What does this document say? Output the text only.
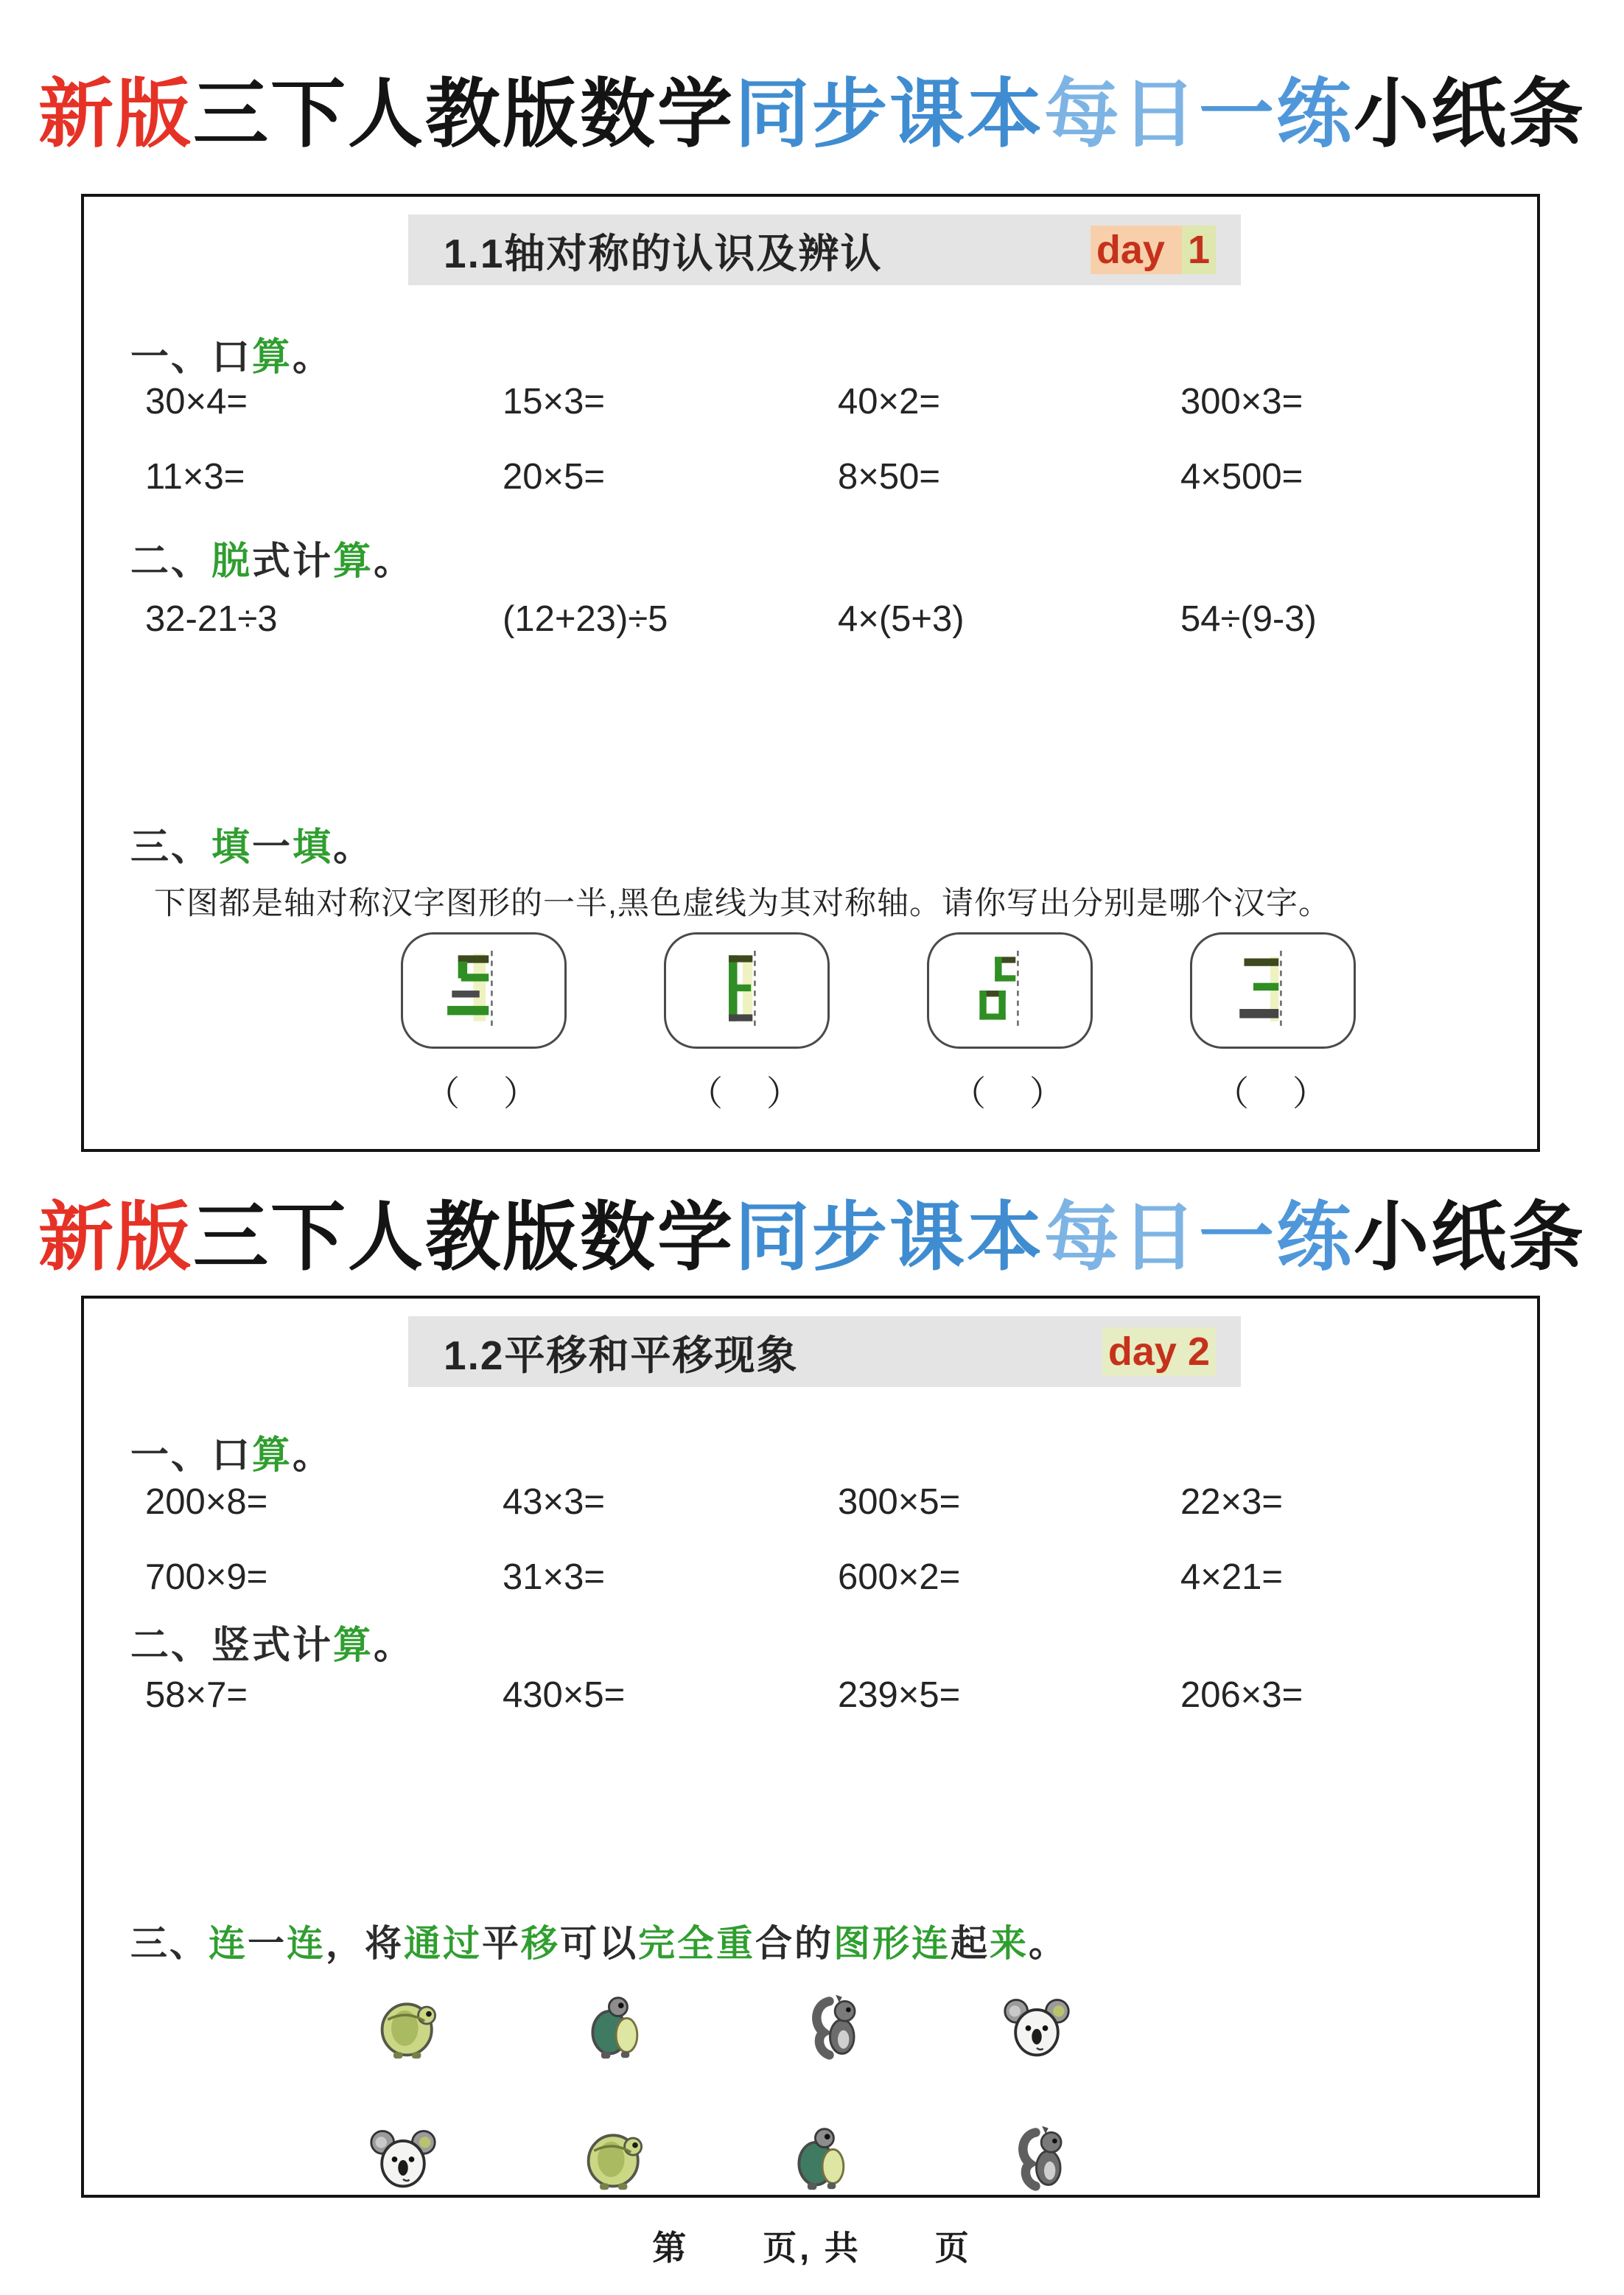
新版三下人教版数学同步课本每日一练小纸条
1.1轴对称的认识及辨认	day 1
一、口算。
30×4=	15×3=	40×2=	300×3=
11×3=	20×5=	8×50=	4×500=
二、脱式计算。
32-21÷3	(12+23)÷5	4×(5+3)	54÷(9-3)
三、填一填。
下图都是轴对称汉字图形的一半,黑色虚线为其对称轴。请你写出分别是哪个汉字。
（　）	（　）	（　）	（　）
新版三下人教版数学同步课本每日一练小纸条
1.2平移和平移现象	day 2
一、口算。
200×8=	43×3=	300×5=	22×3=
700×9=	31×3=	600×2=	4×21=
二、竖式计算。
58×7=	430×5=	239×5=	206×3=
三、连一连，将通过平移可以完全重合的图形连起来。
第　　页, 共　　页
